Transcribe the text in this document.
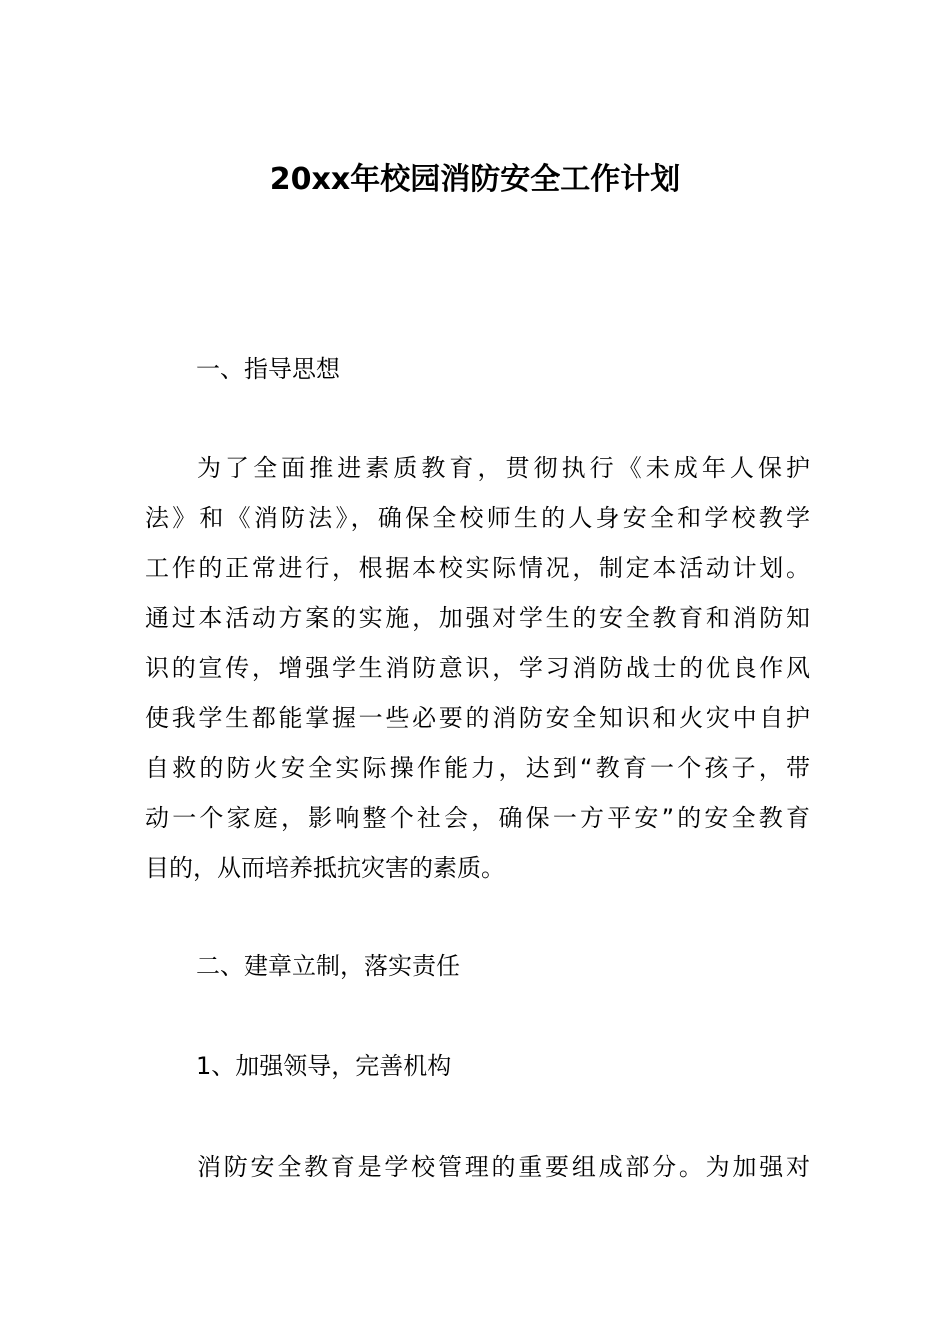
20xx年校园消防安全工作计划
一、指导思想
为了全面推进素质教育，贯彻执行《未成年人保护
法》和《消防法》，确保全校师生的人身安全和学校教学
工作的正常进行，根据本校实际情况，制定本活动计划。
通过本活动方案的实施，加强对学生的安全教育和消防知
识的宣传，增强学生消防意识，学习消防战士的优良作风
使我学生都能掌握一些必要的消防安全知识和火灾中自护
自救的防火安全实际操作能力，达到“教育一个孩子，带
动一个家庭，影响整个社会，确保一方平安”的安全教育
目的，从而培养抵抗灾害的素质。
二、建章立制，落实责任
1、加强领导，完善机构
消防安全教育是学校管理的重要组成部分。为加强对
